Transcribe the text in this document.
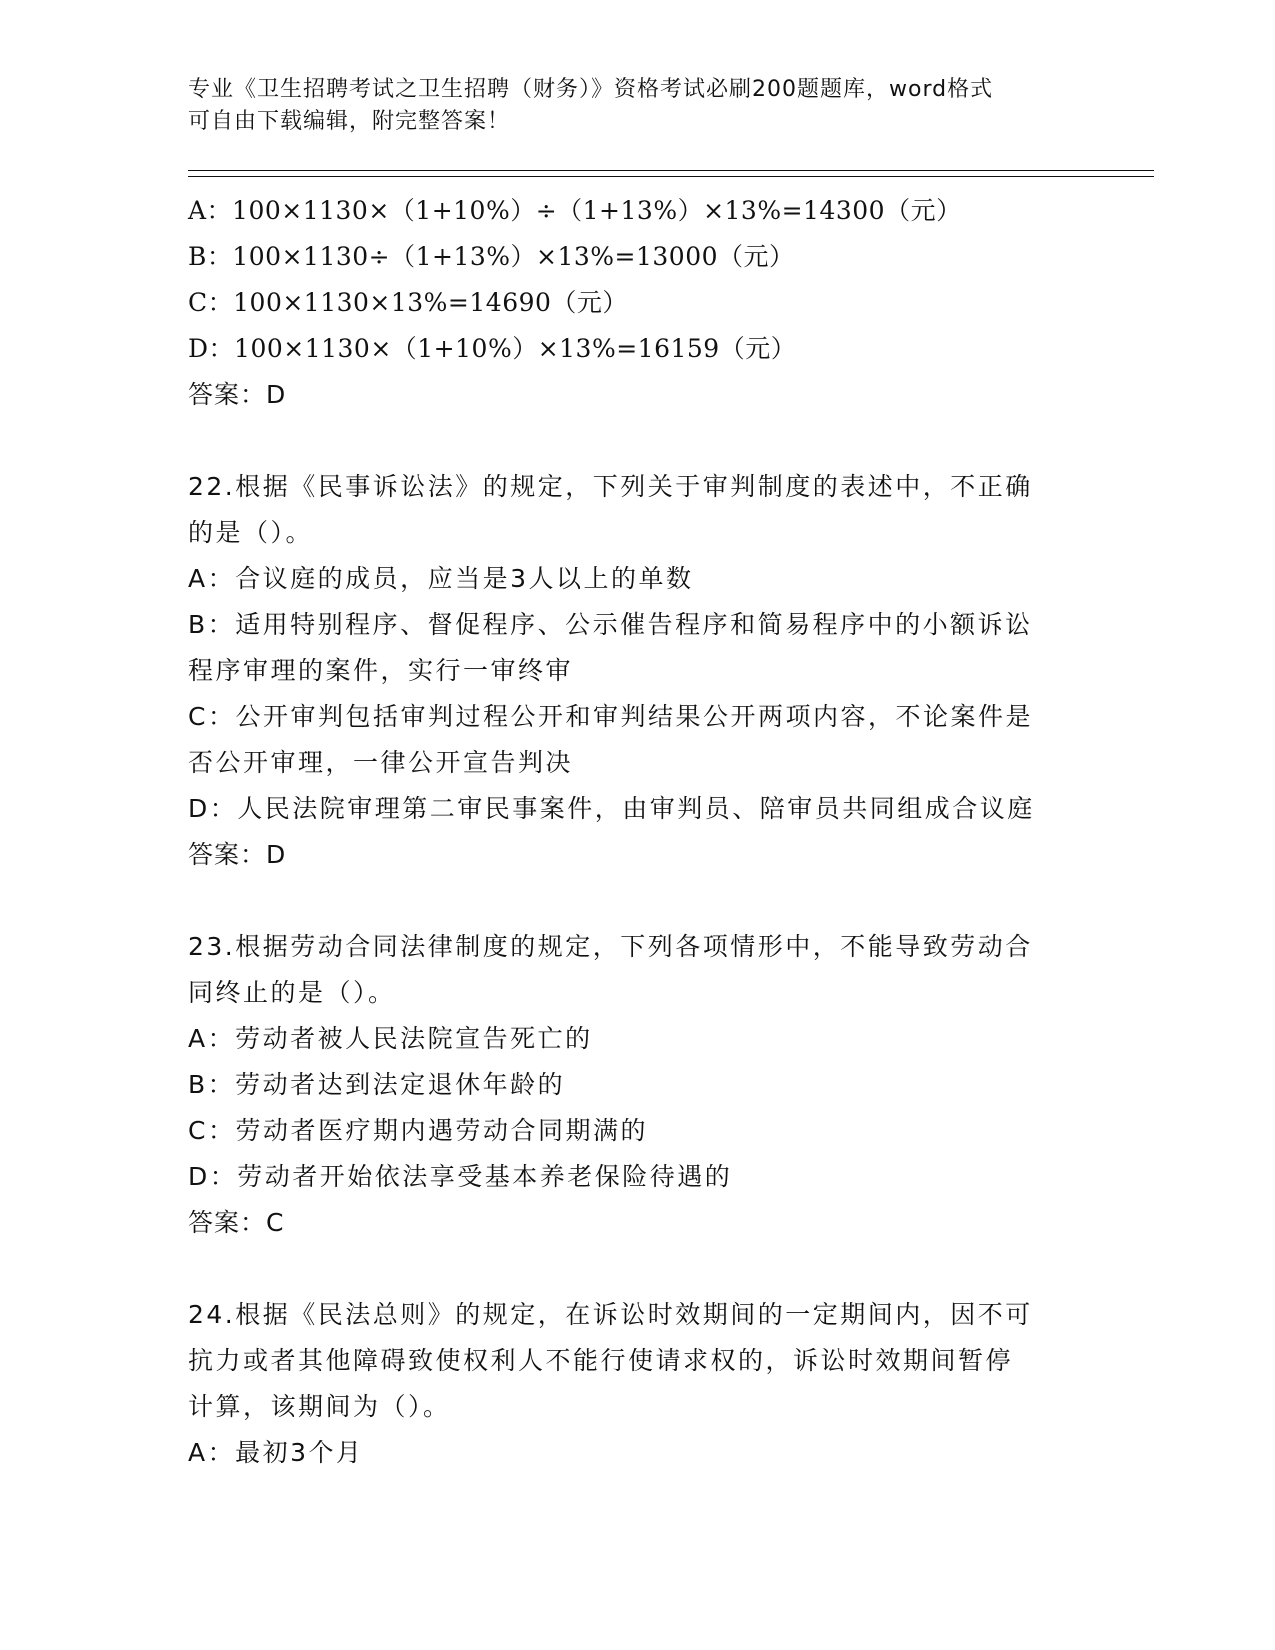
专业《卫生招聘考试之卫生招聘（财务）》资格考试必刷200题题库，word格式
可自由下载编辑，附完整答案！
A：100×1130×（1+10%）÷（1+13%）×13%=14300（元）
B：100×1130÷（1+13%）×13%=13000（元）
C：100×1130×13%=14690（元）
D：100×1130×（1+10%）×13%=16159（元）
答案：D
22.根据《民事诉讼法》的规定，下列关于审判制度的表述中，不正确
的是（）。
A：合议庭的成员，应当是3人以上的单数
B：适用特别程序、督促程序、公示催告程序和简易程序中的小额诉讼
程序审理的案件，实行一审终审
C：公开审判包括审判过程公开和审判结果公开两项内容，不论案件是
否公开审理，一律公开宣告判决
D：人民法院审理第二审民事案件，由审判员、陪审员共同组成合议庭
答案：D
23.根据劳动合同法律制度的规定，下列各项情形中，不能导致劳动合
同终止的是（）。
A：劳动者被人民法院宣告死亡的
B：劳动者达到法定退休年龄的
C：劳动者医疗期内遇劳动合同期满的
D：劳动者开始依法享受基本养老保险待遇的
答案：C
24.根据《民法总则》的规定，在诉讼时效期间的一定期间内，因不可
抗力或者其他障碍致使权利人不能行使请求权的，诉讼时效期间暂停
计算，该期间为（）。
A：最初3个月
